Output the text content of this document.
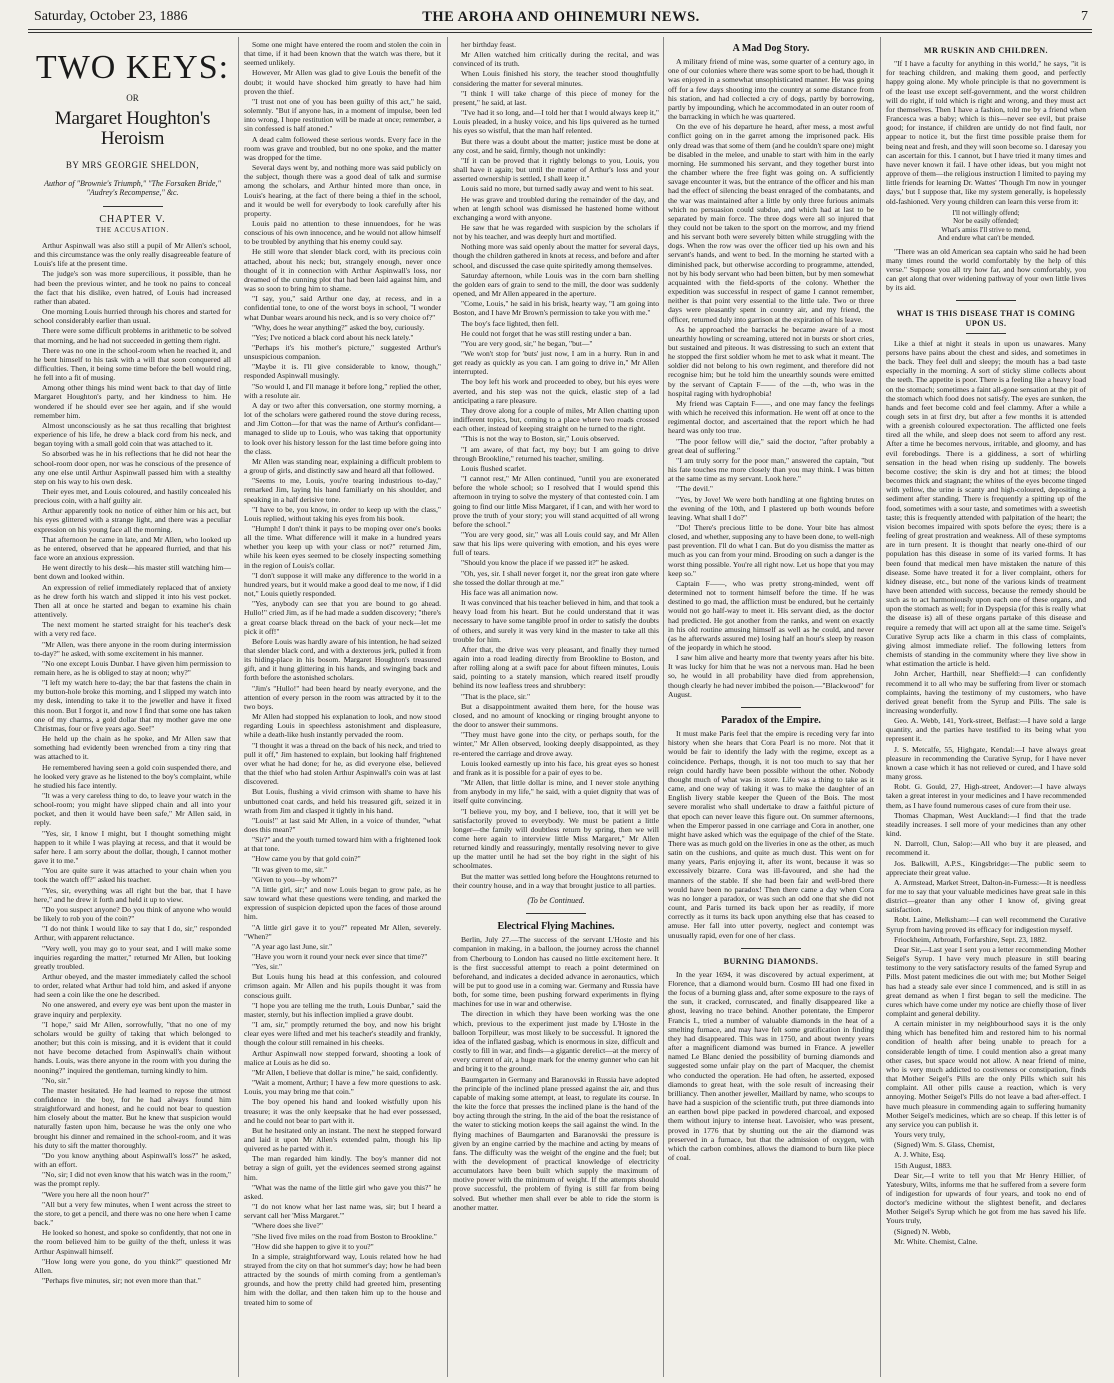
Saturday, October 23, 1886	THE AROHA AND OHINEMURI NEWS.	7
TWO KEYS:
OR
Margaret Houghton's Heroism
BY MRS GEORGIE SHELDON,
Author of "Brownie's Triumph," "The Forsaken Bride," "Audrey's Recompense," &c.
CHAPTER V.
THE ACCUSATION.

Arthur Aspinwall was also still a pupil of Mr Allen's school, and this circumstance was the only really disagreeable feature of Louis's life at the present time.

The judge's son was more supercilious, it possible, than he had been the previous winter, and he took no pains to conceal the fact that his dislike, even hatred, of Louis had increased rather than abated.

One morning Louis hurried through his chores and started for school considerably earlier than usual.

There were some difficult problems in arithmetic to be solved that morning, and he had not succeeded in getting them right.

There was no one in the school-room when he reached it, and he bent himself to his task with a will that soon conquered all difficulties. Then, it being some time before the bell would ring, he fell into a fit of musing.

Among other things his mind went back to that day of little Margaret Houghton's party, and her kindness to him. He wondered if he should ever see her again, and if she would remember him.

Almost unconsciously as he sat thus recalling that brightest experience of his life, he drew a black cord from his neck, and began toying with a small gold coin that was attached to it.

So absorbed was he in his reflections that he did not hear the school-room door open, nor was he conscious of the presence of any one else until Arthur Aspinwall passed him with a stealthy step on his way to his own desk.

Their eyes met, and Louis coloured, and hastily concealed his precious coin, with a half guilty air.

Arthur apparently took no notice of either him or his act, but his eyes glittered with a strange light, and there was a peculiar expression on his young face all the morning.

That afternoon he came in late, and Mr Allen, who looked up as he entered, observed that he appeared flurried, and that his face wore an anxious expression.

He went directly to his desk—his master still watching him—bent down and looked within.

An expression of relief immediately replaced that of anxiety as he drew forth his watch and slipped it into his vest pocket. Then all at once he started and began to examine his chain attentively.

The next moment he started straight for his teacher's desk with a very red face.

"Mr Allen, was there anyone in the room during intermission to-day?" he asked, with some excitement in his manner.

"No one except Louis Dunbar. I have given him permission to remain here, as he is obliged to stay at noon; why?"

"I left my watch here to-day; the bar that fastens the chain in my button-hole broke this morning, and I slipped my watch into my desk, intending to take it to the jeweller and have it fixed this noon. But I forgot it, and now I find that some one has taken one of my charms, a gold dollar that my mother gave me one Christmas, four or five years ago. See!"

He held up the chain as he spoke, and Mr Allen saw that something had evidently been wrenched from a tiny ring that was attached to it.

He remembered having seen a gold coin suspended there, and he looked very grave as he listened to the boy's complaint, while he studied his face intently.

"It was a very careless thing to do, to leave your watch in the school-room; you might have slipped chain and all into your pocket, and then it would have been safe," Mr Allen said, in reply.

"Yes, sir, I know I might, but I thought something might happen to it while I was playing at recess, and that it would be safer here. I am sorry about the dollar, though, I cannot mother gave it to me."

"You are quite sure it was attached to your chain when you took the watch off?" asked his teacher.

"Yes, sir, everything was all right but the bar, that I have here," and he drew it forth and held it up to view.

"Do you suspect anyone? Do you think of anyone who would be likely to rob you of the coin?"

"I do not think I would like to say that I do, sir," responded Arthur, with apparent reluctance.

"Very well, you may go to your seat, and I will make some inquiries regarding the matter," returned Mr Allen, but looking greatly troubled.

Arthur obeyed, and the master immediately called the school to order, related what Arthur had told him, and asked if anyone had seen a coin like the one he described.

No one answered, and every eye was bent upon the master in grave inquiry and perplexity.

"I hope," said Mr Allen, sorrowfully, "that no one of my scholars would be guilty of taking that which belonged to another; but this coin is missing, and it is evident that it could not have become detached from Aspinwall's chain without hands. Louis, was there anyone in the room with you during the nooning?" inquired the gentleman, turning kindly to him.

"No, sir."

The master hesitated. He had learned to repose the utmost confidence in the boy, for he had always found him straightforward and honest, and he could not bear to question him closely about the matter. But he knew that suspicion would naturally fasten upon him, because he was the only one who brought his dinner and remained in the school-room, and it was his duty to sift the matter thoroughly.

"Do you know anything about Aspinwall's loss?" he asked, with an effort.

"No, sir; I did not even know that his watch was in the room," was the prompt reply.

"Were you here all the noon hour?"

"All but a very few minutes, when I went across the street to the store, to get a pencil, and there was no one here when I came back."

He looked so honest, and spoke so confidently, that not one in the room believed him to be guilty of the theft, unless it was Arthur Aspinwall himself.

"How long were you gone, do you think?" questioned Mr Allen.

"Perhaps five minutes, sir; not even more than that."

Some one might have entered the room and stolen the coin in that time, if it had been known that the watch was there, but it seemed unlikely.

However, Mr Allen was glad to give Louis the benefit of the doubt; it would have shocked him greatly to have had him proven the thief.

"I trust not one of you has been guilty of this act," he said, solemnly. "But if anyone has, in a moment of impulse, been led into wrong, I hope restitution will be made at once; remember, a sin confessed is half atoned."

A dead calm followed these serious words. Every face in the room was grave and troubled, but no one spoke, and the matter was dropped for the time.

Several days went by, and nothing more was said publicly on the subject, though there was a good deal of talk and surmise among the scholars, and Arthur hinted more than once, in Louis's hearing, at the fact of there being a thief in the school, and it would be well for everybody to look carefully after his property.

Louis paid no attention to these innuendoes, for he was conscious of his own innocence, and he would not allow himself to be troubled by anything that his enemy could say.

He still wore that slender black cord, with its precious coin attached, about his neck; but, strangely enough, never once thought of it in connection with Arthur Aspinwall's loss, nor dreamed of the cunning plot that had been laid against him, and was so soon to bring him to shame.

"I say, you," said Arthur one day, at recess, and in a confidential tone, to one of the worst boys in school, "I wonder what Dunbar wears around his neck, and is so very choice of?"

"Why, does he wear anything?" asked the boy, curiously.

"Yes; I've noticed a black cord about his neck lately."

"Perhaps it's his mother's picture," suggested Arthur's unsuspicious companion.

"Maybe it is. I'll give considerable to know, though," responded Aspinwall musingly.

"So would I, and I'll manage it before long," replied the other, with a resolute air.

A day or two after this conversation, one stormy morning, a lot of the scholars were gathered round the stove during recess, and Jim Cotton—for that was the name of Arthur's confidant—managed to slide up to Louis, who was taking that opportunity to look over his history lesson for the last time before going into the class.

Mr Allen was standing near, explaining a difficult problem to a group of girls, and distinctly saw and heard all that followed.

"Seems to me, Louis, you're tearing industrious to-day," remarked Jim, laying his hand familiarly on his shoulder, and speaking in a half derisive tone.

"I have to be, you know, in order to keep up with the class," Louis replied, without taking his eyes from his book.

"Humph! I don't think it pays to be moping over one's books all the time. What difference will it make in a hundred years whether you keep up with your class or not?" returned Jim, while his keen eyes seemed to be closely inspecting something in the region of Louis's collar.

"I don't suppose it will make any difference to the world in a hundred years, but it would make a good deal to me now, if I did not," Louis quietly responded.

"Yes, anybody can see that you are bound to go ahead. Hullo!" cried Jim, as if he had made a sudden discovery; "there's a great coarse black thread on the back of your neck—let me pick it off!"

Before Louis was hardly aware of his intention, he had seized that slender black cord, and with a dexterous jerk, pulled it from its hiding-place in his bosom. Margaret Houghton's treasured gift, and it hung glittering in his hands, and swinging back and forth before the astonished scholars.

"Jim's "Hullo!" had been heard by nearly everyone, and the attention of every person in the room was attracted by it to the two boys.

Mr Allen had stopped his explanation to look, and now stood regarding Louis in speechless astonishment and displeasure, while a death-like hush instantly pervaded the room.

"I thought it was a thread on the back of his neck, and tried to pull it off," Jim hastened to explain, but looking half frightened over what he had done; for he, as did everyone else, believed that the thief who had stolen Arthur Aspinwall's coin was at last discovered.

But Louis, flushing a vivid crimson with shame to have his unbuttoned coat cards, and held his treasured gift, seized it in wrath from Jim and clasped it tightly in his hand.

"Louis!" at last said Mr Allen, in a voice of thunder, "what does this mean?"

"Sir?" and the youth turned toward him with a frightened look at that tone.

"How came you by that gold coin?"

"It was given to me, sir."

"Given to you—by whom?"

"A little girl, sir;" and now Louis began to grow pale, as he saw toward what these questions were tending, and marked the expression of suspicion depicted upon the faces of those around him.

"A little girl gave it to you?" repeated Mr Allen, severely. "When?"

"A year ago last June, sir."

"Have you worn it round your neck ever since that time?"

"Yes, sir."

But Louis hung his head at this confession, and coloured crimson again. Mr Allen and his pupils thought it was from conscious guilt.

"I hope you are telling me the truth, Louis Dunbar," said the master, sternly, but his inflection implied a grave doubt.

"I am, sir," promptly returned the boy, and now his bright clear eyes were lifted and met his teacher's steadily and frankly, though the colour still remained in his cheeks.

Arthur Aspinwall now stepped forward, shooting a look of malice at Louis as he did so.

"Mr Allen, I believe that dollar is mine," he said, confidently.

"Wait a moment, Arthur; I have a few more questions to ask. Louis, you may bring me that coin."

The boy opened his hand and looked wistfully upon his treasure; it was the only keepsake that he had ever possessed, and he could not bear to part with it.

But he hesitated only an instant. The next he stepped forward and laid it upon Mr Allen's extended palm, though his lip quivered as he parted with it.

The man regarded him kindly. The boy's manner did not betray a sign of guilt, yet the evidences seemed strong against him.

"What was the name of the little girl who gave you this?" he asked.

"I do not know what her last name was, sir; but I heard a servant call her 'Miss Margaret.'"

"Where does she live?"

"She lived five miles on the road from Boston to Brookline."

"How did she happen to give it to you?"

In a simple, straightforward way, Louis related how he had strayed from the city on that hot summer's day; how he had been attracted by the sounds of mirth coming from a gentleman's grounds, and how the pretty child had greeted him, presenting him with the dollar, and then taken him up to the house and treated him to some of

her birthday feast.

Mr Allen watched him critically during the recital, and was convinced of its truth.

When Louis finished his story, the teacher stood thoughtfully considering the matter for several minutes.

"I think I will take charge of this piece of money for the present," he said, at last.

"I've had it so long, and—I told her that I would always keep it," Louis pleaded, in a husky voice, and his lips quivered as he turned his eyes so wistful, that the man half relented.

But there was a doubt about the matter; justice must be done at any cost, and he said, firmly, though not unkindly:

"If it can be proved that it rightly belongs to you, Louis, you shall have it again; but until the matter of Arthur's loss and your asserted ownership is settled, I shall keep it."

Louis said no more, but turned sadly away and went to his seat.

He was grave and troubled during the remainder of the day, and when at length school was dismissed he hastened home without exchanging a word with anyone.

He saw that he was regarded with suspicion by the scholars if not by his teacher, and was deeply hurt and mortified.

Nothing more was said openly about the matter for several days, though the children gathered in knots at recess, and before and after school, and discussed the case quite spiritedly among themselves.

Saturday afternoon, while Louis was in the corn barn shelling the golden ears of grain to send to the mill, the door was suddenly opened, and Mr Allen appeared in the aperture.

"Come, Louis," he said in his brisk, hearty way, "I am going into Boston, and I have Mr Brown's permission to take you with me."

The boy's face lighted, then fell.

He could not forget that he was still resting under a ban.

"You are very good, sir," he began, "but—"

"We won't stop for 'buts' just now, I am in a hurry. Run in and get ready as quickly as you can. I am going to drive in," Mr Allen interrupted.

The boy left his work and proceeded to obey, but his eyes were averted, and his step was not the quick, elastic step of a lad anticipating a rare pleasure.

They drove along for a couple of miles, Mr Allen chatting upon indifferent topics, but, coming to a place where two roads crossed each other, instead of keeping straight on he turned to the right.

"This is not the way to Boston, sir," Louis observed.

"I am aware, of that fact, my boy; but I am going to drive through Brookline," returned his teacher, smiling.

Louis flushed scarlet.

"I cannot rest," Mr Allen continued, "until you are exonerated before the whole school; so I resolved that I would spend this afternoon in trying to solve the mystery of that contested coin. I am going to find our little Miss Margaret, if I can, and with her word to prove the truth of your story; you will stand acquitted of all wrong before the school."

"You are very good, sir," was all Louis could say, and Mr Allen saw that his lips were quivering with emotion, and his eyes were full of tears.

"Should you know the place if we passed it?" he asked.

"Oh, yes, sir. I shall never forget it, nor the great iron gate where she tossed the dollar through at me."

His face was all animation now.

It was convinced that his teacher believed in him, and that took a heavy load from his heart. But he could understand that it was necessary to have some tangible proof in order to satisfy the doubts of others, and surely it was very kind in the master to take all this trouble for him.

After that, the drive was very pleasant, and finally they turned again into a road leading directly from Brookline to Boston, and after rolling along at a swift pace for about fifteen minutes, Louis said, pointing to a stately mansion, which reared itself proudly behind its now leafless trees and shrubbery:

"That is the place, sir."

But a disappointment awaited them here, for the house was closed, and no amount of knocking or ringing brought anyone to the door to answer their summons.

"They must have gone into the city, or perhaps south, for the winter," Mr Allen observed, looking deeply disappointed, as they re-entered the carriage and drove away.

Louis looked earnestly up into his face, his great eyes so honest and frank as it is possible for a pair of eyes to be.

"Mr Allen, that little dollar is mine, and I never stole anything from anybody in my life," he said, with a quiet dignity that was of itself quite convincing.

"I believe you, my boy, and I believe, too, that it will yet be satisfactorily proved to everybody. We must be patient a little longer—the family will doubtless return by spring, then we will come here again to interview little Miss Margaret," Mr Allen returned kindly and reassuringly, mentally resolving never to give up the matter until he had set the boy right in the sight of his schoolmates.

But the matter was settled long before the Houghtons returned to their country house, and in a way that brought justice to all parties.

(To be Continued.
Electrical Flying Machines.

Berlin, July 27.—The success of the servant L'Hoste and his companion in making, in a balloon, the journey across the channel from Cherbourg to London has caused no little excitement here. It is the first successful attempt to reach a point determined on beforehand, and indicates a decided advance in aeronautics, which will be put to good use in a coming war. Germany and Russia have both, for some time, been pushing forward experiments in flying machines for use in war and otherwise.

The direction in which they have been working was the one which, previous to the experiment just made by L'Hoste in the balloon Torpilleur, was most likely to be successful. It ignored the idea of the inflated gasbag, which is enormous in size, difficult and costly to fill in war, and finds—a gigantic derelict—at the mercy of every current of air, a huge mark for the enemy gunner who can hit and bring it to the ground.

Baumgarten in Germany and Baranovski in Russia have adopted the principle of the inclined plane pressed against the air, and thus capable of making some attempt, at least, to regulate its course. In the kite the force that presses the inclined plane is the hand of the boy acting through the string. In the aid of the boat the resistance of the water to sticking motion keeps the sail against the wind. In the flying machines of Baumgarten and Baranovski the pressure is given by an engine carried by the machine and acting by means of fans. The difficulty was the weight of the engine and the fuel; but with the development of practical knowledge of electricity accumulators have been built which supply the maximum of motive power with the minimum of weight. If the attempts should prove successful, the problem of flying is still far from being solved. But whether men shall ever be able to ride the storm is another matter.

A Mad Dog Story.

A military friend of mine was, some quarter of a century ago, in one of our colonies where there was some sport to be had, though it was enjoyed in a somewhat unsophisticated manner. He was going off for a few days shooting into the country at some distance from his station, and had collected a cry of dogs, partly by borrowing, partly by impounding, which he accommodated in an outer room of the barracking in which he was quartered.

On the eve of his departure he heard, after mess, a most awful conflict going on in the garret among the imprisoned pack. His only dread was that some of them (and he couldn't spare one) might be disabled in the melee, and unable to start with him in the early morning. He summoned his servant, and they together burst into the chamber where the free fight was going on. A sufficiently savage encounter it was, but the entrance of the officer and his man had the effect of silencing the beast enraged of the combatants, and the war was maintained after a little by only three furious animals which no persuasion could subdue, and which had at last to be separated by main force. The three dogs were all so injured that they could not be taken to the sport on the morrow, and my friend and his servant both were severely bitten while struggling with the dogs. When the row was over the officer tied up his own and his servant's hands, and went to bed. In the morning he started with a diminished pack, but otherwise according to programme, attended, not by his body servant who had been bitten, but by men somewhat acquainted with the field-sports of the colony. Whether the expedition was successful in respect of game I cannot remember, neither is that point very essential to the little tale. Two or three days were pleasantly spent in country air, and my friend, the officer, returned duly into garrison at the expiration of his leave.

As he approached the barracks he became aware of a most unearthly howling or screaming, uttered not in bursts or short cries, but sustained and piteous. It was distressing to such an extent that he stopped the first soldier whom he met to ask what it meant. The soldier did not belong to his own regiment, and therefore did not recognise him; but he told him the unearthly sounds were emitted by the servant of Captain F—— of the —th, who was in the hospital raging with hydrophobia!

My friend was Captain F——, and one may fancy the feelings with which he received this information. He went off at once to the regimental doctor, and ascertained that the report which he had heard was only too true.

"The poor fellow will die," said the doctor, "after probably a great deal of suffering."

"I am truly sorry for the poor man," answered the captain, "but his fate touches me more closely than you may think. I was bitten at the same time as my servant. Look here."

"The devil."

"Yes, by Jove! We were both handling at one fighting brutes on the evening of the 10th, and I plastered up both wounds before leaving. What shall I do?"

"Do! There's precious little to be done. Your bite has almost closed, and whether, supposing any to have been done, to well-nigh past prevention. I'll do what I can. But do you dismiss the matter as much as you can from your mind. Brooding on such a danger is the worst thing possible. You're all right now. Let us hope that you may keep so."

Captain F——, who was pretty strong-minded, went off determined not to torment himself before the time. If he was destined to go mad, the affliction must be endured, but he certainly would not go half-way to meet it. His servant died, as the doctor had predicted. He got another from the ranks, and went on exactly in his old routine amusing himself as well as he could, and never (as he afterwards assured me) losing half an hour's sleep by reason of the jeopardy in which he stood.

I saw him alive and hearty more that twenty years after his bite. It was lucky for him that he was not a nervous man. Had he been so, he would in all probability have died from apprehension, though clearly he had never imbibed the poison.—"Blackwood" for August.

Paradox of the Empire.

It must make Paris feel that the empire is receding very far into history when she hears that Cora Pearl is no more. Not that it would be fair to identify the lady with the regime, except as a coincidence. Perhaps, though, it is not too much to say that her reign could hardly have been possible without the other. Nobody thought much of what was in store. Life was a thing to take as it came, and one way of taking it was to make the daughter of an English livery stable keeper the Queen of the Bois. The most severe moralist who shall undertake to draw a faithful picture of that epoch can never leave this figure out. On summer afternoons, when the Emperor passed in one carriage and Cora in another, one might have asked which was the equipage of the chief of the State. There was as much gold on the liveries in one as the other, as much satin on the cushions, and quite as much dust. This went on for many years, Paris enjoying it, after its wont, because it was so excessively bizarre. Cora was ill-favoured, and she had the manners of the stable. If she had been fair and well-bred there would have been no paradox! Then there came a day when Cora was no longer a paradox, or was such an odd one that she did not count, and Paris turned its back upon her as readily, if more correctly as it turns its back upon anything else that has ceased to amuse. Her fall into utter poverty, neglect and contempt was unusually rapid, even for one of her class.

BURNING DIAMONDS.

In the year 1694, it was discovered by actual experiment, at Florence, that a diamond would burn. Cosmo III had one fixed in the focus of a burning glass and, after some exposure to the rays of the sun, it cracked, corruscated, and finally disappeared like a ghost, leaving no trace behind. Another potentate, the Emperor Francis I., tried a number of valuable diamonds in the heat of a smelting furnace, and may have felt some gratification in finding they had disappeared. This was in 1750, and about twenty years after a magnificent diamond was burned in France. A jeweller named Le Blanc denied the possibility of burning diamonds and suggested some unfair play on the part of Macquer, the chemist who conducted the operation. He had often, he asserted, exposed diamonds to great heat, with the sole result of increasing their brilliancy. Then another jeweller, Maillard by name, who scoups to have had a suspicion of the scientific truth, put three diamonds into an earthen bowl pipe packed in powdered charcoal, and exposed them without injury to intense heat. Lavoisier, who was present, proved in 1776 that by shutting out the air the diamond was preserved in a furnace, but that the admission of oxygen, with which the carbon combines, allows the diamond to burn like piece of coal.

MR RUSKIN AND CHILDREN.

"If I have a faculty for anything in this world," he says, "it is for teaching children, and making them good, and perfectly happy going alone. My whole principle is that no government is of the least use except self-government, and the worst children will do right, if told which is right and wrong, and they must act for themselves. Then I have a fashion, told me by a friend when Francesca was a baby; which is this—never see evil, but praise good; for instance, if children are untidy do not find fault, nor appear to notice it, but the first time possible praise them for being neat and fresh, and they will soon become so. I daresay you can ascertain for this. I cannot, but I have tried it many times and have never known it fail. I have other ideas, but you might not approve of them—the religious instruction I limited to paying my little friends for learning Dr. Wattes' 'Though I'm now in younger days,' but I suppose that, like my system generally, is hopelessly old-fashioned. Very young children can learn this verse from it:

I'll not willingly offend;
Nor be easily offended;
What's amiss I'll strive to mend,
And endure what can't be mended.

"There was an old American sea captain who said he had been many times round the world comfortably by the help of this verse." Suppose you all try how far, and how comfortably, you can get along that over widening pathway of your own little lives by its aid.

WHAT IS THIS DISEASE THAT IS COMING UPON US.

Like a thief at night it steals in upon us unawares. Many persons have pains about the chest and sides, and sometimes in the back. They feel dull and sleepy; the mouth has a bad taste especially in the morning. A sort of sticky slime collects about the teeth. The appetite is poor. There is a feeling like a heavy load on the stomach; sometimes a faint all-gone sensation at the pit of the stomach which food does not satisfy. The eyes are sunken, the hands and feet become cold and feel clammy. After a while a cough sets in at first dry, but after a few months it is attended with a greenish coloured expectoration. The afflicted one feels tired all the while, and sleep does not seem to afford any rest. After a time he becomes nervous, irritable, and gloomy, and has evil forebodings. There is a giddiness, a sort of whirling sensation in the head when rising up suddenly. The bowels become costive; the skin is dry and hot at times; the blood becomes thick and stagnant; the whites of the eyes become tinged with yellow, the urine is scanty and high-coloured, depositing a sediment after standing. There is frequently a spitting up of the food, sometimes with a sour taste, and sometimes with a sweetish taste; this is frequently attended with palpitation of the heart; the vision becomes impaired with spots before the eyes; there is a feeling of great prostration and weakness. All of these symptoms are in turn present. It is thought that nearly one-third of our population has this disease in some of its varied forms. It has been found that medical men have mistaken the nature of this disease. Some have treated it for a liver complaint, others for kidney disease, etc., but none of the various kinds of treatment have been attended with success, because the remedy should be such as to act harmoniously upon each one of these organs, and upon the stomach as well; for in Dyspepsia (for this is really what the disease is) all of these organs partake of this disease and require a remedy that will act upon all at the same time. Seigel's Curative Syrup acts like a charm in this class of complaints, giving almost immediate relief. The following letters from chemists of standing in the community where they live show in what estimation the article is held.

John Archer, Harthill, near Sheffield:—I can confidently recommend it to all who may be suffering from liver or stomach complaints, having the testimony of my customers, who have derived great benefit from the Syrup and Pills. The sale is increasing wonderfully.

Geo. A. Webb, 141, York-street, Belfast:—I have sold a large quantity, and the parties have testified to its being what you represent it.

J. S. Metcalfe, 55, Highgate, Kendal:—I have always great pleasure in recommending the Curative Syrup, for I have never known a case which it has not relieved or cured, and I have sold many gross.

Robt. G. Gould, 27, High-street, Andover:—I have always taken a great interest in your medicines and I have recommended them, as I have found numerous cases of cure from their use.

Thomas Chapman, West Auckland:—I find that the trade steadily increases. I sell more of your medicines than any other kind.

N. Darroll, Clun, Salop:—All who buy it are pleased, and recommend it.

Jos. Balkwill, A.P.S., Kingsbridge:—The public seem to appreciate their great value.

A. Armstead, Market Street, Dalton-in-Furness:—It is needless for me to say that your valuable medicines have great sale in this district—greater than any other I know of, giving great satisfaction.

Robt. Laine, Melksham:—I can well recommend the Curative Syrup from having proved its efficacy for indigestion myself.

Friockheim, Arbroath, Forfarshire, Sept. 23, 1882.

Dear Sir,—Last year I sent you a letter recommending Mother Seigel's Syrup. I have very much pleasure in still bearing testimony to the very satisfactory results of the famed Syrup and Pills. Most patent medicines die out with me; but Mother Seigel has had a steady sale ever since I commenced, and is still in as great demand as when I first began to sell the medicine. The cures which have come under my notice are chiefly those of liver complaint and general debility.

A certain minister in my neighbourhood says it is the only thing which has benefited him and restored him to his normal condition of health after being unable to preach for a considerable length of time. I could mention also a great many other cases, but space would not allow. A near friend of mine, who is very much addicted to costiveness or constipation, finds that Mother Seigel's Pills are the only Pills which suit his complaint. All other pills cause a reaction, which is very annoying. Mother Seigel's Pills do not leave a bad after-effect. I have much pleasure in commending again to suffering humanity Mother Seigel's medicines, which are so cheap. If this letter is of any service you can publish it.

Yours very truly,

(Signed) Wm. S. Glass, Chemist,

A. J. White, Esq.

15th August, 1883.

Dear Sir,—I write to tell you that Mr Henry Hillier, of Yatesbury, Wilts, informs me that he suffered from a severe form of indigestion for upwards of four years, and took no end of doctor's medicine without the slightest benefit, and declares Mother Seigel's Syrup which he got from me has saved his life. Yours truly,

(Signed) N. Webb,

Mr. White. Chemist, Calne.
